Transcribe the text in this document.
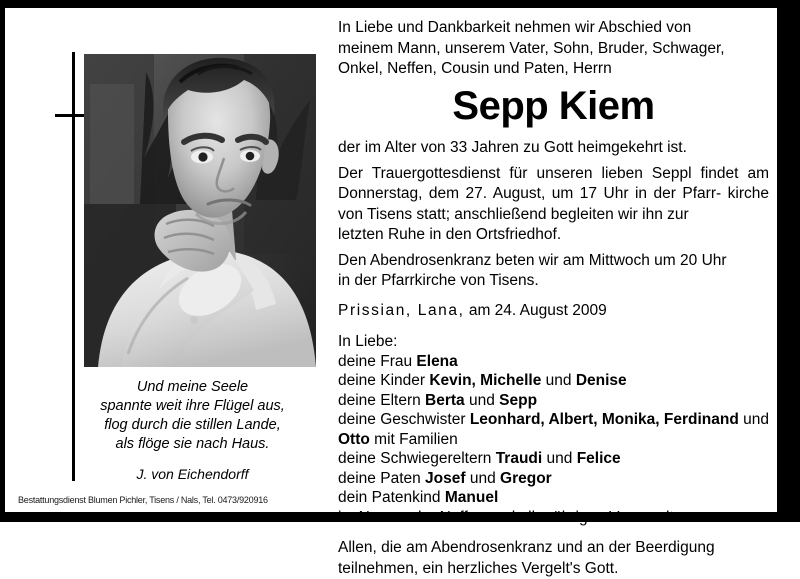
Und meine Seele
spannte weit ihre Flügel aus,
flog durch die stillen Lande,
als flöge sie nach Haus.
J. von Eichendorff
Bestattungsdienst Blumen Pichler, Tisens / Nals, Tel. 0473/920916
In Liebe und Dankbarkeit nehmen wir Abschied von
meinem Mann, unserem Vater, Sohn, Bruder, Schwager,
Onkel, Neffen, Cousin und Paten, Herrn
Sepp Kiem

der im Alter von 33 Jahren zu Gott heimgekehrt ist.

Der Trauergottesdienst für unseren lieben Seppl findet am Donnerstag, dem 27. August, um 17 Uhr in der Pfarr- kirche von Tisens statt; anschließend begleiten wir ihn zur
letzten Ruhe in den Ortsfriedhof.

Den Abendrosenkranz beten wir am Mittwoch um 20 Uhr
in der Pfarrkirche von Tisens.

Prissian, Lana, am 24. August 2009
In Liebe:
deine Frau Elena
deine Kinder Kevin, Michelle und Denise
deine Eltern Berta und Sepp
deine Geschwister Leonhard, Albert, Monika, Ferdinand und Otto mit Familien
deine Schwiegereltern Traudi und Felice
deine Paten Josef und Gregor
dein Patenkind Manuel
im Namen der Neffen und aller übrigen Verwandten
Allen, die am Abendrosenkranz und an der Beerdigung
teilnehmen, ein herzliches Vergelt's Gott.
